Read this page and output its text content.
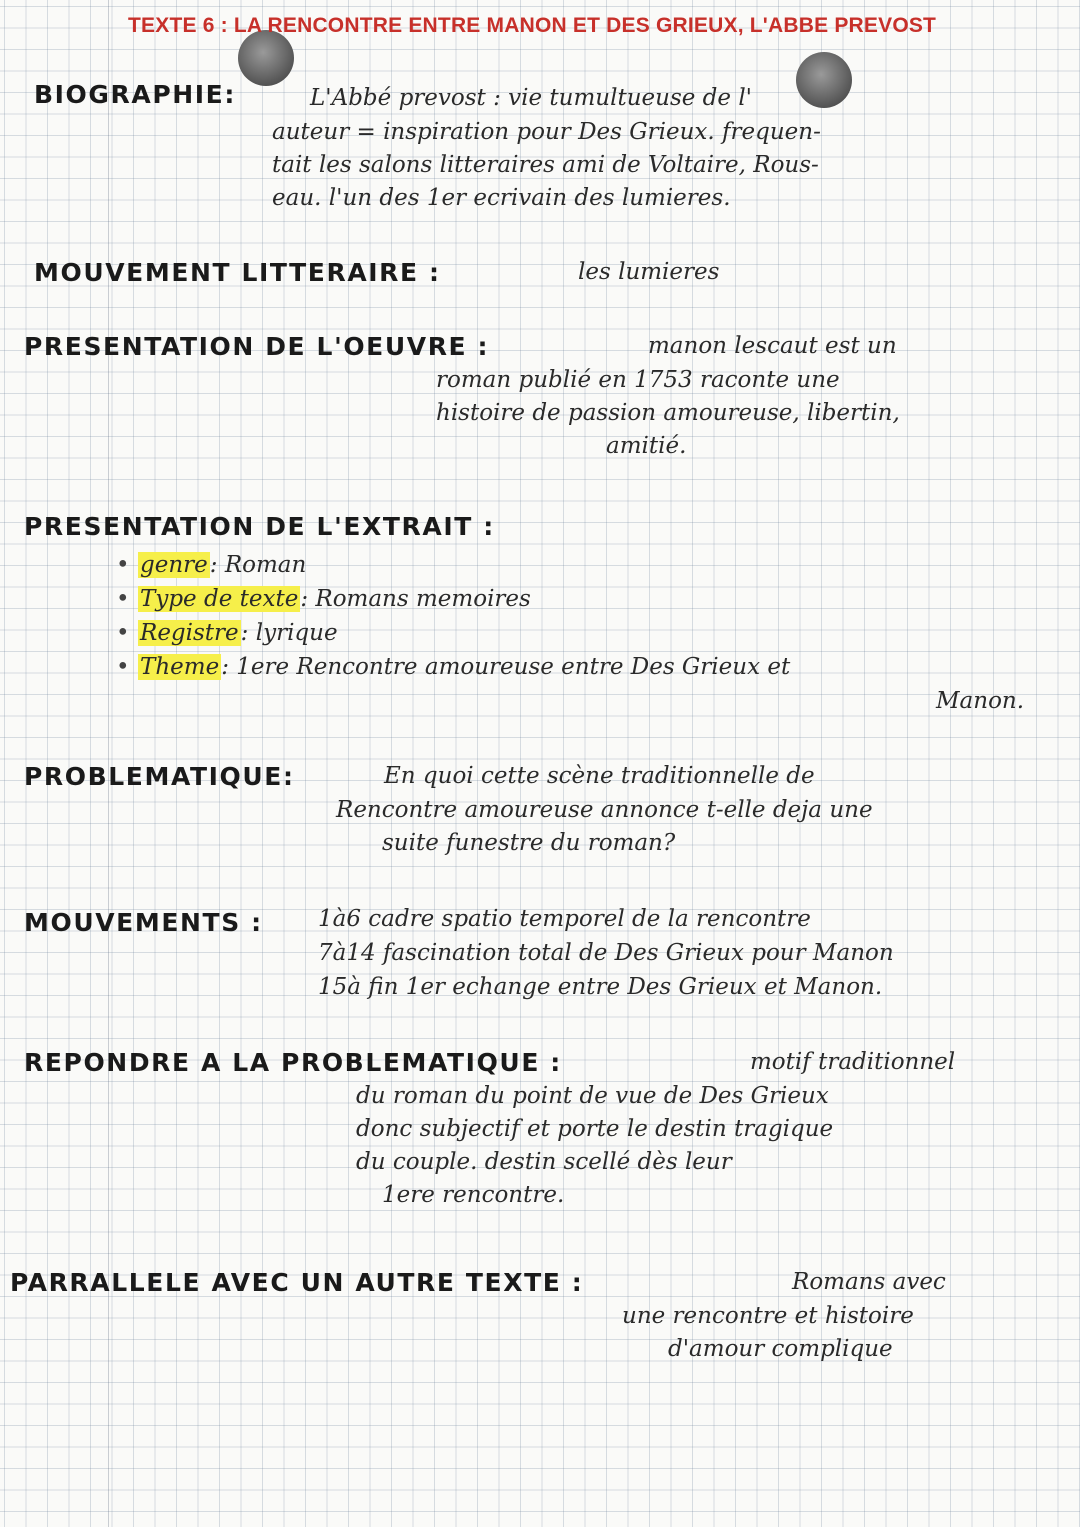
TEXTE 6 : LA RENCONTRE ENTRE MANON ET DES GRIEUX, L'ABBE PREVOST
BIOGRAPHIE:	L'Abbé prevost : vie tumultueuse de l'
auteur = inspiration pour Des Grieux. frequen-
tait les salons litteraires ami de Voltaire, Rous-
eau. l'un des 1er ecrivain des lumieres.
MOUVEMENT LITTERAIRE :	les lumieres
PRESENTATION DE L'OEUVRE :	manon lescaut est un
roman publié en 1753 raconte une
histoire de passion amoureuse, libertin,
amitié.
PRESENTATION DE L'EXTRAIT :
• genre: Roman
• Type de texte: Romans memoires
• Registre: lyrique
• Theme: 1ere Rencontre amoureuse entre Des Grieux et
Manon.
PROBLEMATIQUE:	En quoi cette scène traditionnelle de
Rencontre amoureuse annonce t-elle deja une
suite funestre du roman?
MOUVEMENTS : 1à6 cadre spatio temporel de la rencontre
7à14 fascination total de Des Grieux pour Manon
15à fin 1er echange entre Des Grieux et Manon.
REPONDRE A LA PROBLEMATIQUE :	motif traditionnel
du roman du point de vue de Des Grieux
donc subjectif et porte le destin tragique
du couple. destin scellé dès leur
1ere rencontre.
PARRALLELE AVEC UN AUTRE TEXTE :	Romans avec
une rencontre et histoire
d'amour complique
